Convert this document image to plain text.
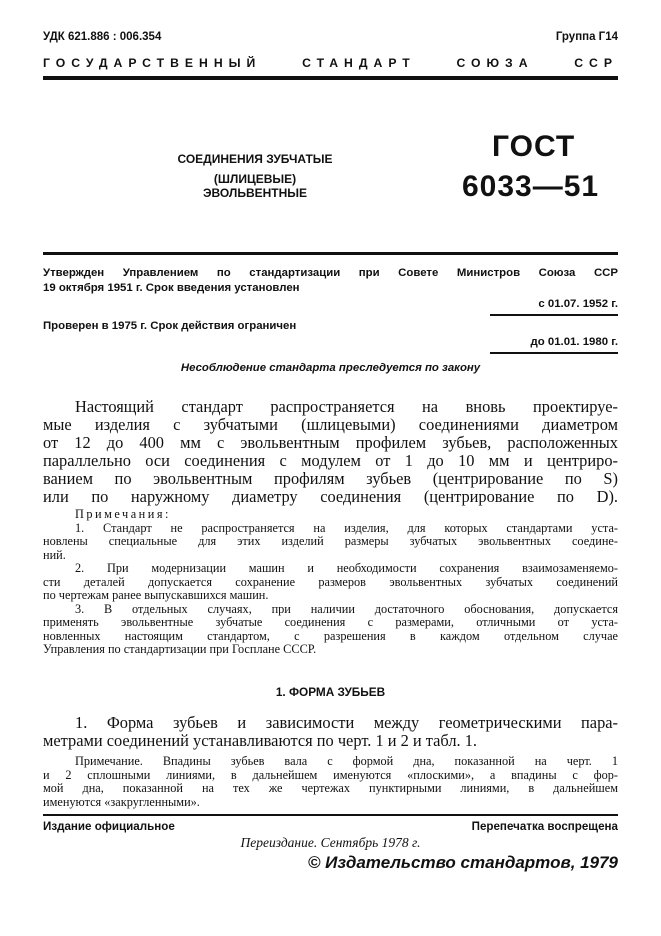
УДК 621.886 : 006.354	Группа Г14
ГОСУДАРСТВЕННЫЙ СТАНДАРТ СОЮЗА ССР
СОЕДИНЕНИЯ ЗУБЧАТЫЕ
(ШЛИЦЕВЫЕ) ЭВОЛЬВЕНТНЫЕ
ГОСТ
6033—51
Утвержден Управлением по стандартизации при Совете Министров Союза ССР
19 октября 1951 г. Срок введения установлен
с 01.07. 1952 г.
Проверен в 1975 г. Срок действия ограничен
до 01.01. 1980 г.
Несоблюдение стандарта преследуется по закону
Настоящий стандарт распространяется на вновь проектируе-
мые изделия с зубчатыми (шлицевыми) соединениями диаметром
от 12 до 400 мм с эвольвентным профилем зубьев, расположенных
параллельно оси соединения с модулем от 1 до 10 мм и центриро-
ванием по эвольвентным профилям зубьев (центрирование по S)
или по наружному диаметру соединения (центрирование по D).
Примечания:
1. Стандарт не распространяется на изделия, для которых стандартами уста-
новлены специальные для этих изделий размеры зубчатых эвольвентных соедине-
ний.
2. При модернизации машин и необходимости сохранения взаимозаменяемо-
сти деталей допускается сохранение размеров эвольвентных зубчатых соединений
по чертежам ранее выпускавшихся машин.
3. В отдельных случаях, при наличии достаточного обоснования, допускается
применять эвольвентные зубчатые соединения с размерами, отличными от уста-
новленных настоящим стандартом, с разрешения в каждом отдельном случае
Управления по стандартизации при Госплане СССР.
1. ФОРМА ЗУБЬЕВ
1. Форма зубьев и зависимости между геометрическими пара-
метрами соединений устанавливаются по черт. 1 и 2 и табл. 1.
Примечание. Впадины зубьев вала с формой дна, показанной на черт. 1
и 2 сплошными линиями, в дальнейшем именуются «плоскими», а впадины с фор-
мой дна, показанной на тех же чертежах пунктирными линиями, в дальнейшем
именуются «закругленными».
Издание официальное	Перепечатка воспрещена
Переиздание. Сентябрь 1978 г.
© Издательство стандартов, 1979
